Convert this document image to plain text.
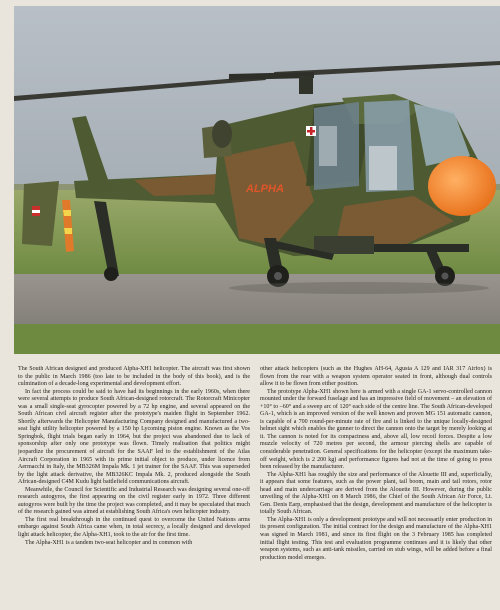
ALPHA

The South African designed and produced Alpha-XH1 helicopter. The aircraft was first shown to the public in March 1986 (too late to be included in the body of this book), and is the culmination of a decade-long experimental and development effort.

In fact the process could be said to have had its beginnings in the early 1960s, when there were several attempts to produce South African-designed rotorcraft. The Rotorcraft Minicopter was a small single-seat gyrocopter powered by a 72 hp engine, and several appeared on the South African civil aircraft register after the prototype's maiden flight in September 1962. Shortly afterwards the Helicopter Manufacturing Company designed and manufactured a two-seat light utility helicopter powered by a 150 hp Lycoming piston engine. Known as the Vos Springbok, flight trials began early in 1964, but the project was abandoned due to lack of sponsorship after only one prototype was flown. Timely realisation that politics might jeopardize the procurement of aircraft for the SAAF led to the establishment of the Atlas Aircraft Corporation in 1965 with its prime initial object to produce, under licence from Aermacchi in Italy, the MB326M Impala Mk. 1 jet trainer for the SAAF. This was superseded by the light attack derivative, the MB326KC Impala Mk. 2, produced alongside the South African-designed C4M Kudu light battlefield communications aircraft.

Meanwhile, the Council for Scientific and Industrial Research was designing several one-off research autogyros, the first appearing on the civil register early in 1972. Three different autogyros were built by the time the project was completed, and it may be speculated that much of the research gained was aimed at establishing South Africa's own helicopter industry.

The first real breakthrough in the continued quest to overcome the United Nations arms embargo against South Africa came when, in total secrecy, a locally designed and developed light attack helicopter, the Alpha-XH1, took to the air for the first time.

The Alpha-XH1 is a tandem two-seat helicopter and in common with

other attack helicopters (such as the Hughes AH-64, Agusta A 129 and IAR 317 Airfox) is flown from the rear with a weapon system operator seated in front, although dual controls allow it to be flown from either position.

The prototype Alpha-XH1 shown here is armed with a single GA-1 servo-controlled cannon mounted under the forward fuselage and has an impressive field of movement – an elevation of +10° to –60° and a sweep arc of 120° each side of the centre line. The South African-developed GA-1, which is an improved version of the well known and proven MG 151 automatic cannon, is capable of a 700 round-per-minute rate of fire and is linked to the unique locally-designed helmet sight which enables the gunner to direct the cannon onto the target by merely looking at it. The cannon is noted for its compactness and, above all, low recoil forces. Despite a low muzzle velocity of 720 metres per second, the armour piercing shells are capable of considerable penetration. General specifications for the helicopter (except the maximum take-off weight, which is 2 200 kg) and performance figures had not at the time of going to press been released by the manufacturer.

The Alpha-XH1 has roughly the size and performance of the Alouette III and, superficially, it appears that some features, such as the power plant, tail boom, main and tail rotors, rotor head and main undercarriage are derived from the Alouette III. However, during the public unveiling of the Alpha-XH1 on 8 March 1986, the Chief of the South African Air Force, Lt. Gen. Denis Earp, emphasised that the design, development and manufacture of the helicopter is totally South African.

The Alpha-XH1 is only a development prototype and will not necessarily enter production in its present configuration. The initial contract for the design and manufacture of the Alpha-XH1 was signed in March 1981, and since its first flight on the 3 February 1985 has completed initial flight testing. This test and evaluation programme continues and it is likely that other weapon systems, such as anti-tank missiles, carried on stub wings, will be added before a final production model emerges.
